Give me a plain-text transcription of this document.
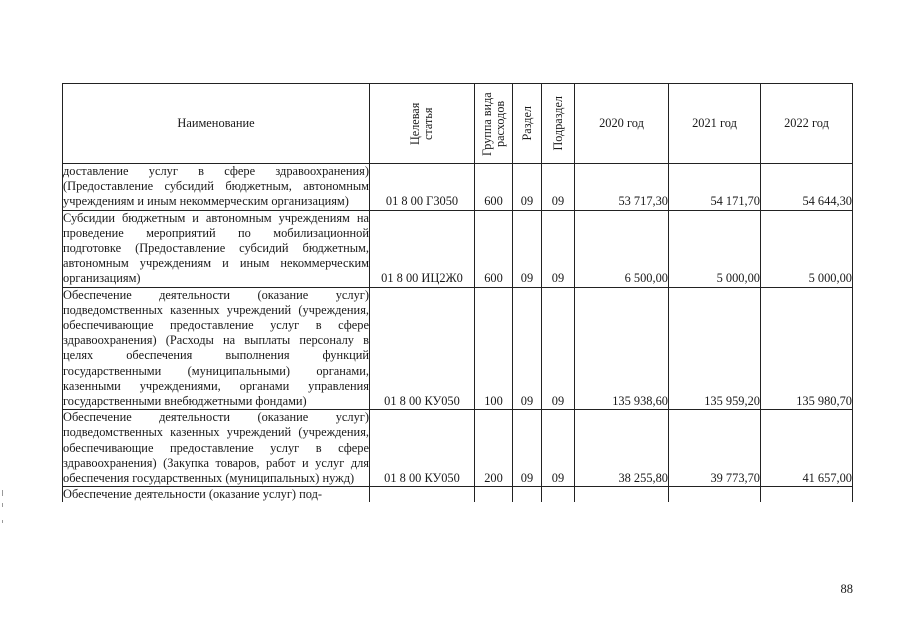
Наименование	Целевая статья	Группа вида расходов	Раздел	Подраздел	2020 год	2021 год	2022 год
доставление услуг в сфере здравоохранения) (Предоставление субсидий бюджетным, автономным учреждениям и иным некоммерческим организациям)	01 8 00 Г3050	600	09	09	53 717,30	54 171,70	54 644,30
Субсидии бюджетным и автономным учреждениям на проведение мероприятий по мобилизационной подготовке (Предоставление субсидий бюджетным, автономным учреждениям и иным некоммерческим организациям)	01 8 00 ИЦ2Ж0	600	09	09	6 500,00	5 000,00	5 000,00
Обеспечение деятельности (оказание услуг) подведомственных казенных учреждений (учреждения, обеспечивающие предоставление услуг в сфере здравоохранения) (Расходы на выплаты персоналу в целях обеспечения выполнения функций государственными (муниципальными) органами, казенными учреждениями, органами управления государственными внебюджетными фондами)	01 8 00 КУ050	100	09	09	135 938,60	135 959,20	135 980,70
Обеспечение деятельности (оказание услуг) подведомственных казенных учреждений (учреждения, обеспечивающие предоставление услуг в сфере здравоохранения) (Закупка товаров, работ и услуг для обеспечения государственных (муниципальных) нужд)	01 8 00 КУ050	200	09	09	38 255,80	39 773,70	41 657,00
Обеспечение деятельности (оказание услуг) под-							
88
